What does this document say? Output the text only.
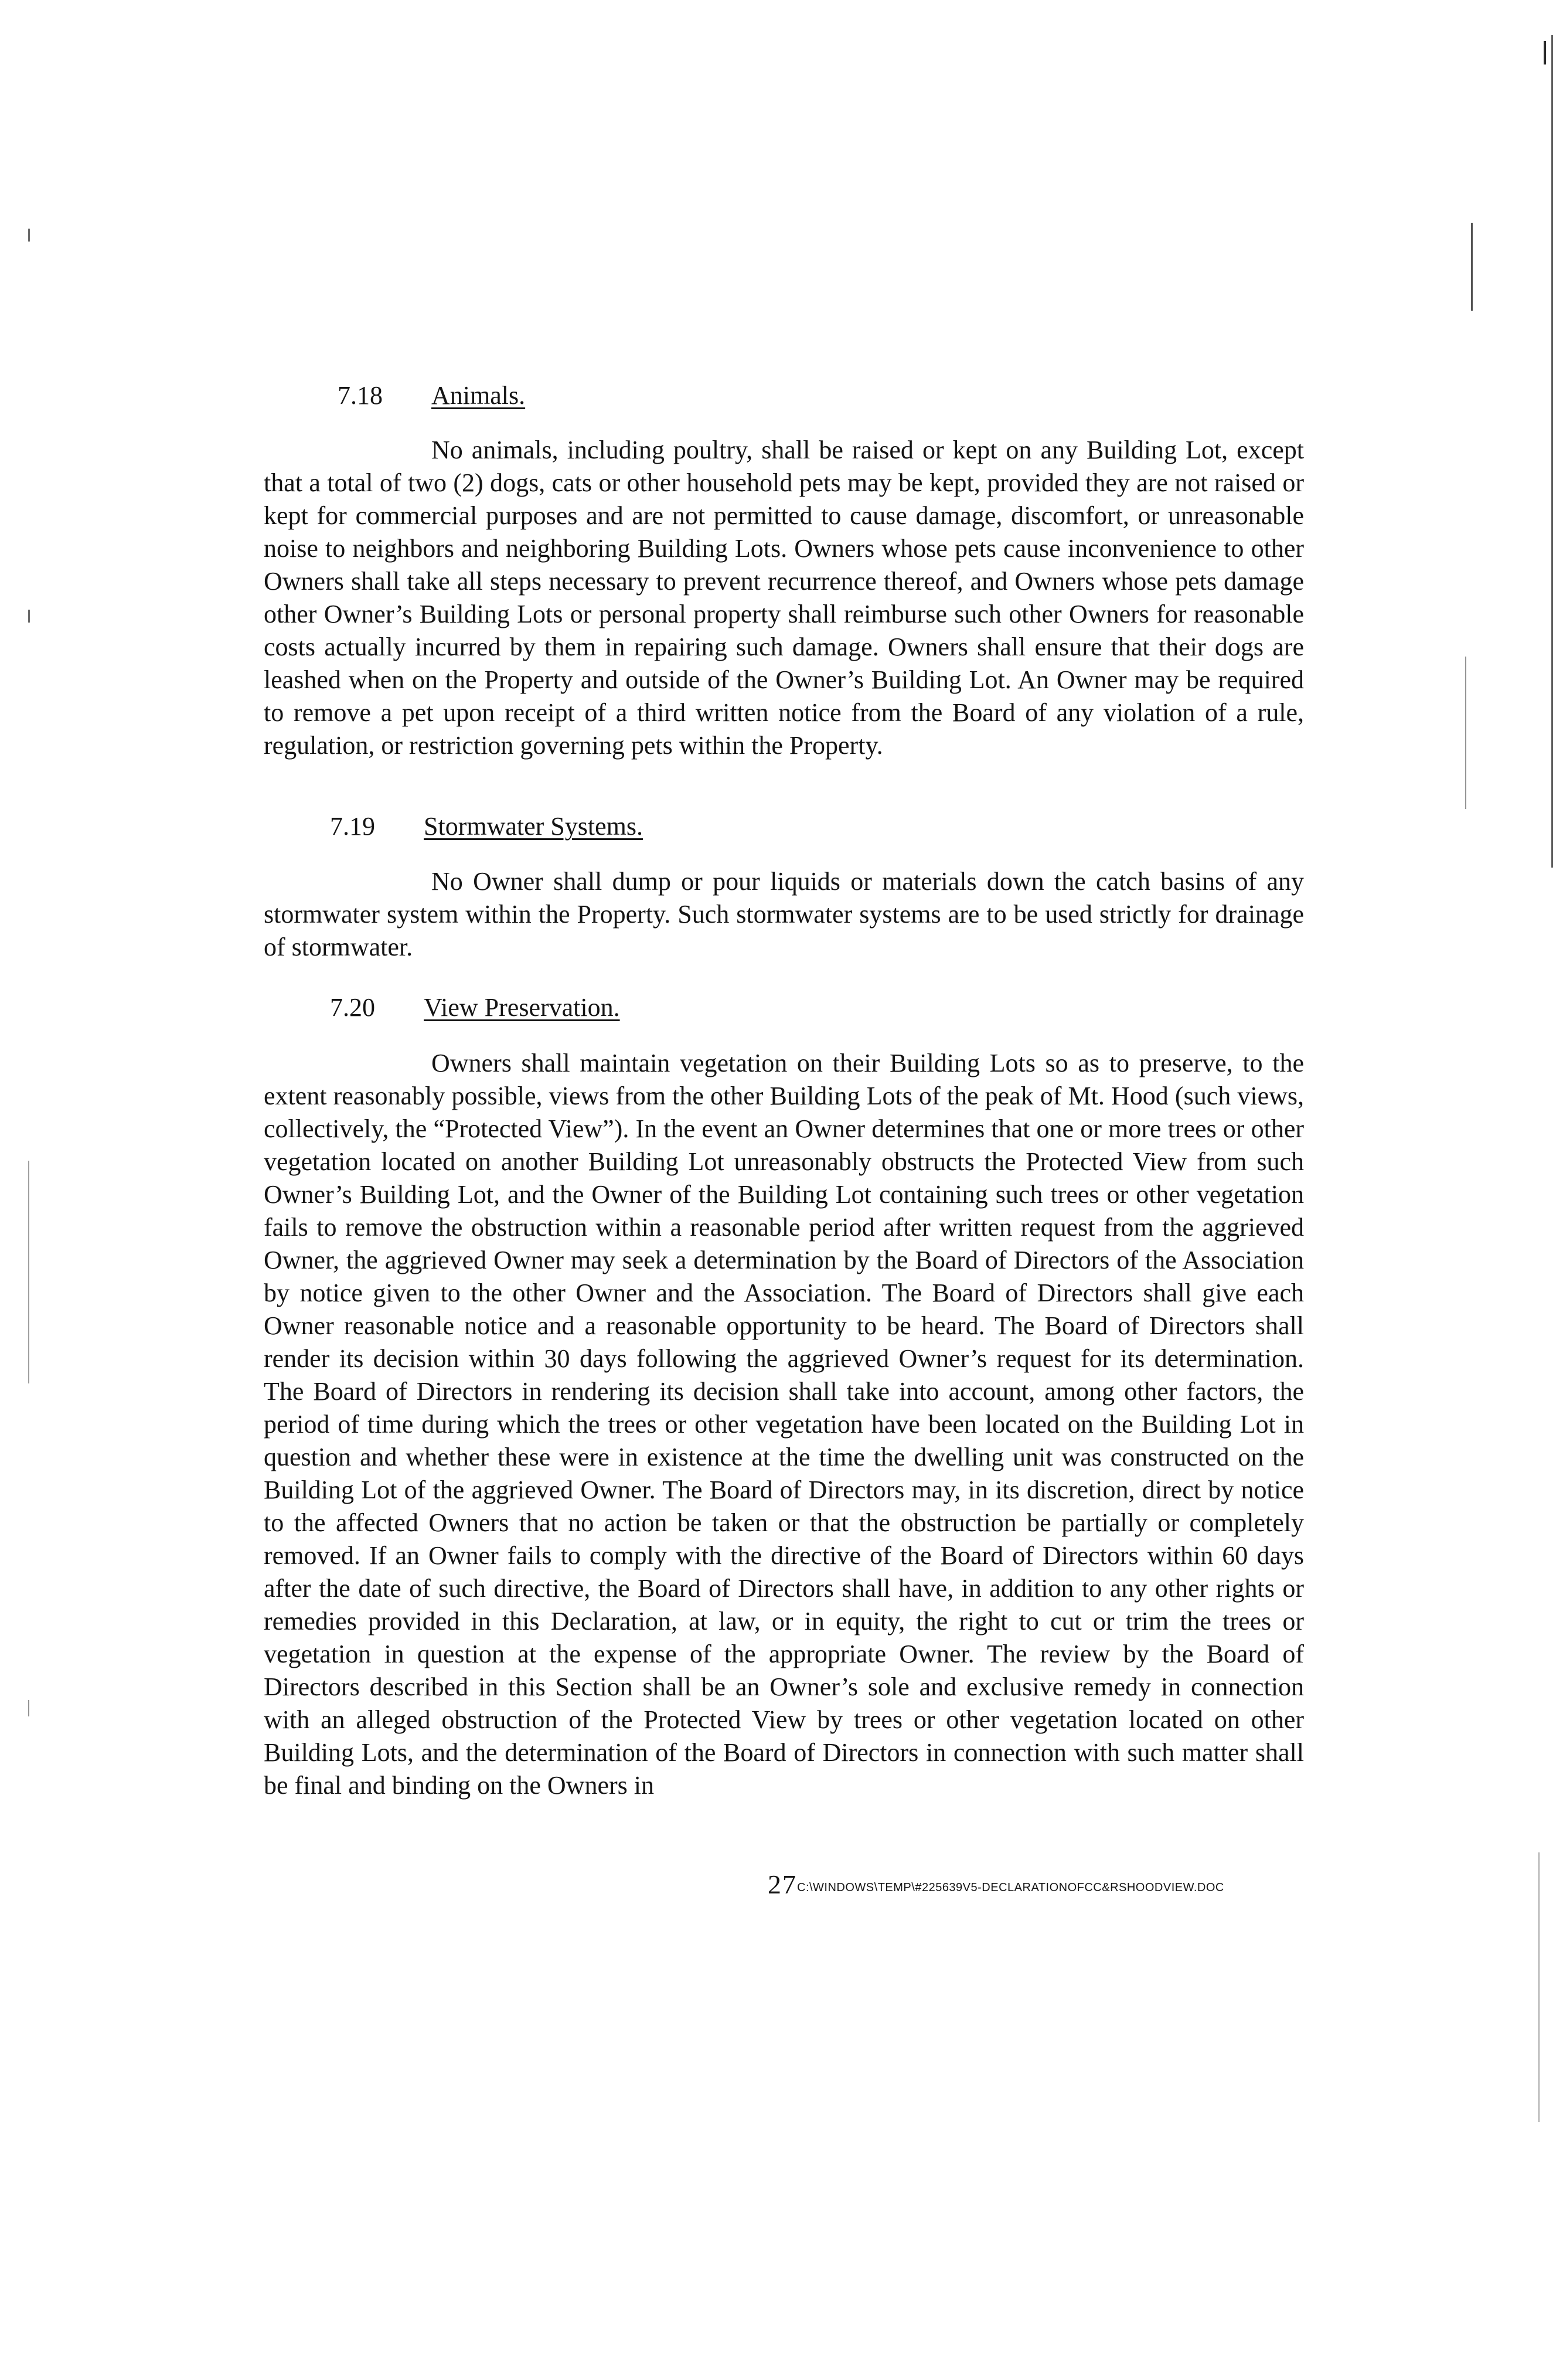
7.18 Animals.

No animals, including poultry, shall be raised or kept on any Building Lot, except that a total of two (2) dogs, cats or other household pets may be kept, provided they are not raised or kept for commercial purposes and are not permitted to cause damage, discomfort, or unreasonable noise to neighbors and neighboring Building Lots. Owners whose pets cause inconvenience to other Owners shall take all steps necessary to prevent recurrence thereof, and Owners whose pets damage other Owner’s Building Lots or personal property shall reimburse such other Owners for reasonable costs actually incurred by them in repairing such damage. Owners shall ensure that their dogs are leashed when on the Property and outside of the Owner’s Building Lot. An Owner may be required to remove a pet upon receipt of a third written notice from the Board of any violation of a rule, regulation, or restriction governing pets within the Property.

7.19 Stormwater Systems.

No Owner shall dump or pour liquids or materials down the catch basins of any stormwater system within the Property. Such stormwater systems are to be used strictly for drainage of stormwater.

7.20 View Preservation.

Owners shall maintain vegetation on their Building Lots so as to preserve, to the extent reasonably possible, views from the other Building Lots of the peak of Mt. Hood (such views, collectively, the “Protected View”). In the event an Owner determines that one or more trees or other vegetation located on another Building Lot unreasonably obstructs the Protected View from such Owner’s Building Lot, and the Owner of the Building Lot containing such trees or other vegetation fails to remove the obstruction within a reasonable period after written request from the aggrieved Owner, the aggrieved Owner may seek a determination by the Board of Directors of the Association by notice given to the other Owner and the Association. The Board of Directors shall give each Owner reasonable notice and a reasonable opportunity to be heard. The Board of Directors shall render its decision within 30 days following the aggrieved Owner’s request for its determination. The Board of Directors in rendering its decision shall take into account, among other factors, the period of time during which the trees or other vegetation have been located on the Building Lot in question and whether these were in existence at the time the dwelling unit was constructed on the Building Lot of the aggrieved Owner. The Board of Directors may, in its discretion, direct by notice to the affected Owners that no action be taken or that the obstruction be partially or completely removed. If an Owner fails to comply with the directive of the Board of Directors within 60 days after the date of such directive, the Board of Directors shall have, in addition to any other rights or remedies provided in this Declaration, at law, or in equity, the right to cut or trim the trees or vegetation in question at the expense of the appropriate Owner. The review by the Board of Directors described in this Section shall be an Owner’s sole and exclusive remedy in connection with an alleged obstruction of the Protected View by trees or other vegetation located on other Building Lots, and the determination of the Board of Directors in connection with such matter shall be final and binding on the Owners in

27C:\WINDOWS\TEMP\#225639V5-DECLARATIONOFCC&RSHOODVIEW.DOC
